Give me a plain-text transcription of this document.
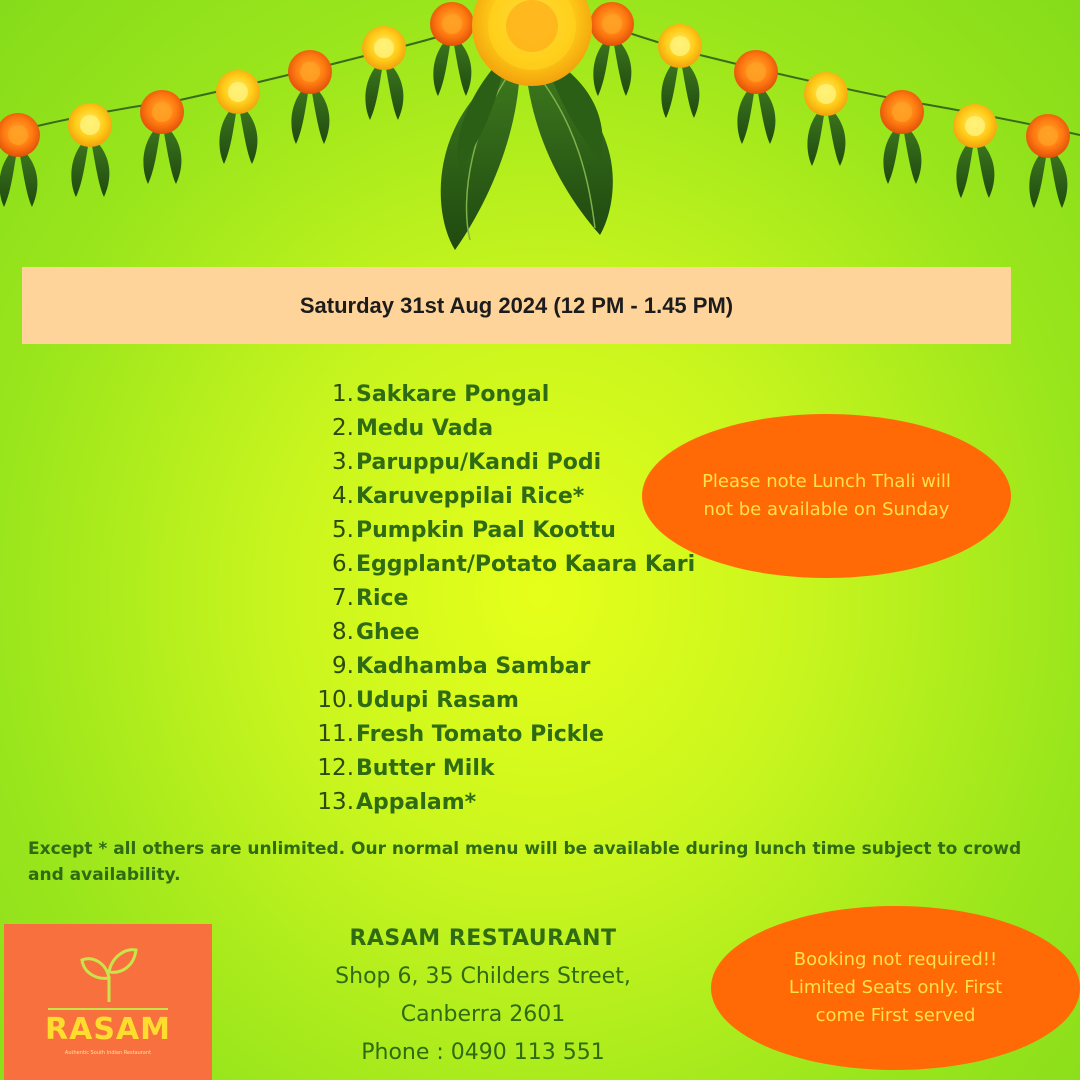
Saturday 31st Aug 2024 (12 PM - 1.45 PM)
1. Sakkare Pongal
2. Medu Vada
3. Paruppu/Kandi Podi
4. Karuveppilai Rice*
5. Pumpkin Paal Koottu
6. Eggplant/Potato Kaara Kari
7. Rice
8. Ghee
9. Kadhamba Sambar
10. Udupi Rasam
11. Fresh Tomato Pickle
12. Butter Milk
13. Appalam*
Please note Lunch Thali will not be available on Sunday
Except * all others are unlimited. Our normal menu will be available during lunch time subject to crowd and availability.
RASAM
Authentic South Indian Restaurant
RASAM RESTAURANT
Shop 6, 35 Childers Street,
Canberra 2601
Phone : 0490 113 551
Booking not required!! Limited Seats only. First come First served
